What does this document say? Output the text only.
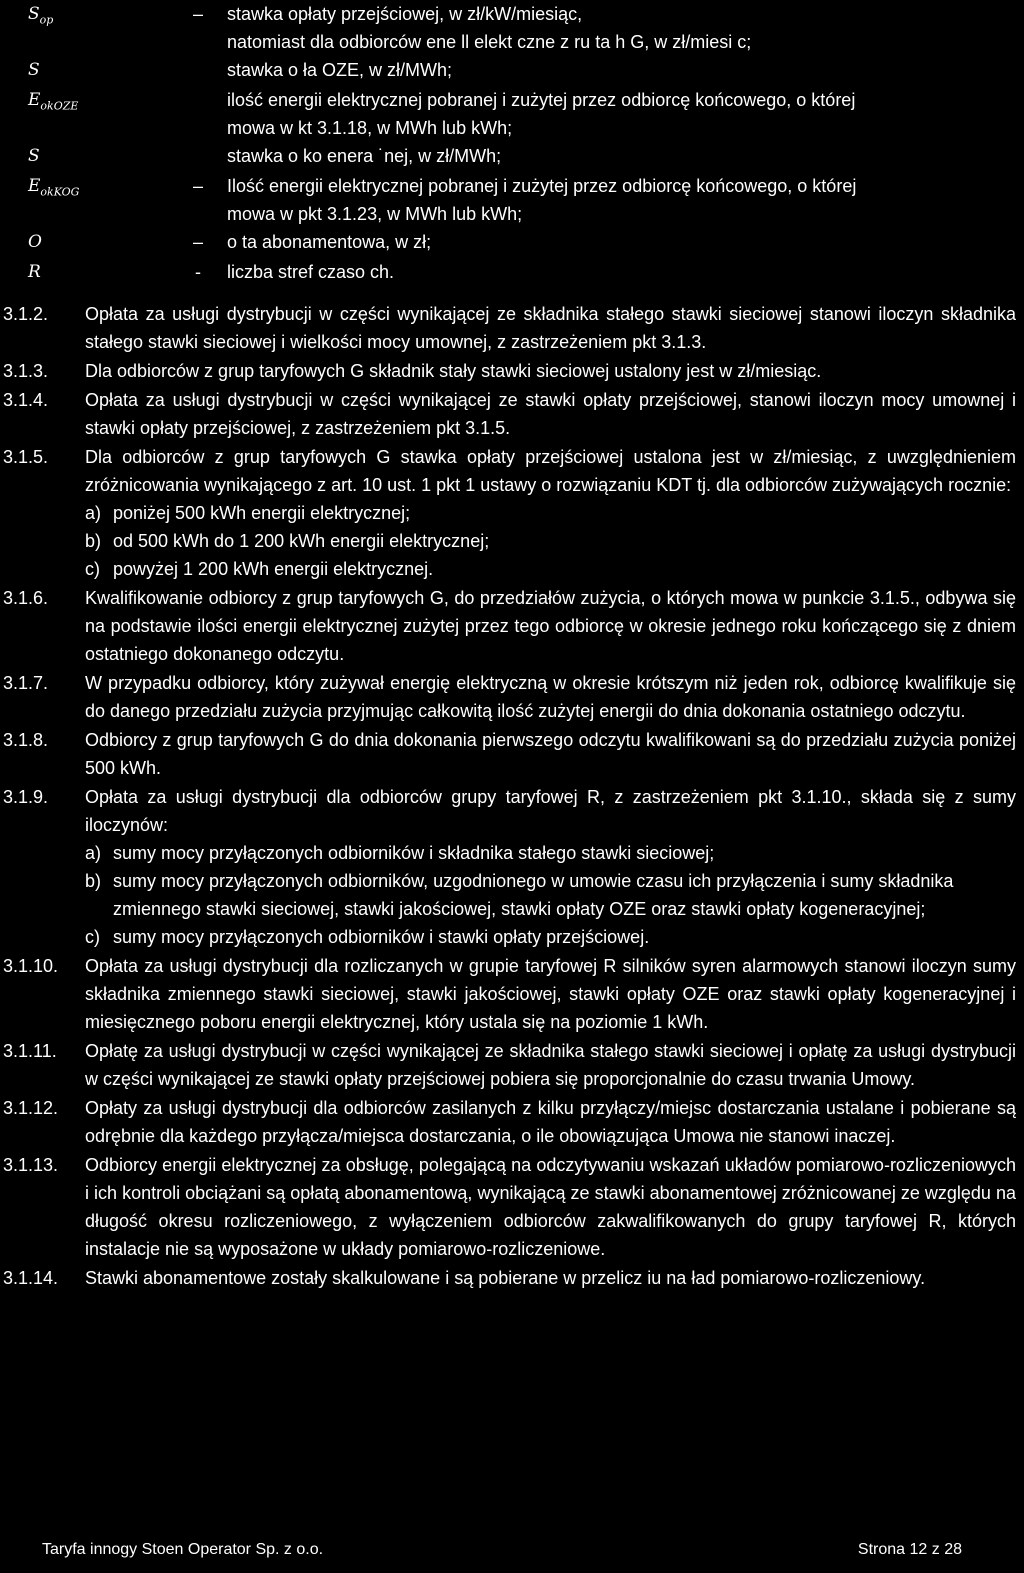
$S_{op}$	– stawka opłaty przejściowej, w zł/kW/miesiąc,
natomiast dla odbiorców ene ll elekt czne z ru ta h G, w zł/miesi c;
S	stawka o ła OZE, w zł/MWh;
$E_{okOZE}$	ilość energii elektrycznej pobranej i zużytej przez odbiorcę końcowego, o której
mowa w kt 3.1.18, w MWh lub kWh;
S	stawka o ko enera ˙nej, w zł/MWh;
$E_{okKOG}$	– Ilość energii elektrycznej pobranej i zużytej przez odbiorcę końcowego, o której
mowa w pkt 3.1.23, w MWh lub kWh;
O	– o ta abonamentowa, w zł;
R	-	liczba stref czaso ch.
3.1.2.	Opłata za usługi dystrybucji w części wynikającej ze składnika stałego stawki sieciowej stanowi iloczyn składnika stałego stawki sieciowej i wielkości mocy umownej, z zastrzeżeniem pkt 3.1.3.
3.1.3.	Dla odbiorców z grup taryfowych G składnik stały stawki sieciowej ustalony jest w zł/miesiąc.
3.1.4.	Opłata za usługi dystrybucji w części wynikającej ze stawki opłaty przejściowej, stanowi iloczyn mocy umownej i stawki opłaty przejściowej, z zastrzeżeniem pkt 3.1.5.
3.1.5.	Dla odbiorców z grup taryfowych G stawka opłaty przejściowej ustalona jest w zł/miesiąc, z uwzględnieniem zróżnicowania wynikającego z art. 10 ust. 1 pkt 1 ustawy o rozwiązaniu KDT tj. dla odbiorców zużywających rocznie:
a) poniżej 500 kWh energii elektrycznej;
b) od 500 kWh do 1 200 kWh energii elektrycznej;
c) powyżej 1 200 kWh energii elektrycznej.
3.1.6.	Kwalifikowanie odbiorcy z grup taryfowych G, do przedziałów zużycia, o których mowa w punkcie 3.1.5., odbywa się na podstawie ilości energii elektrycznej zużytej przez tego odbiorcę w okresie jednego roku kończącego się z dniem ostatniego dokonanego odczytu.
3.1.7.	W przypadku odbiorcy, który zużywał energię elektryczną w okresie krótszym niż jeden rok, odbiorcę kwalifikuje się do danego przedziału zużycia przyjmując całkowitą ilość zużytej energii do dnia dokonania ostatniego odczytu.
3.1.8.	Odbiorcy z grup taryfowych G do dnia dokonania pierwszego odczytu kwalifikowani są do przedziału zużycia poniżej 500 kWh.
3.1.9.	Opłata za usługi dystrybucji dla odbiorców grupy taryfowej R, z zastrzeżeniem pkt 3.1.10., składa się z sumy iloczynów:
a) sumy mocy przyłączonych odbiorników i składnika stałego stawki sieciowej;
b) sumy mocy przyłączonych odbiorników, uzgodnionego w umowie czasu ich przyłączenia i sumy składnika zmiennego stawki sieciowej, stawki jakościowej, stawki opłaty OZE oraz stawki opłaty kogeneracyjnej;
c) sumy mocy przyłączonych odbiorników i stawki opłaty przejściowej.
3.1.10.	Opłata za usługi dystrybucji dla rozliczanych w grupie taryfowej R silników syren alarmowych stanowi iloczyn sumy składnika zmiennego stawki sieciowej, stawki jakościowej, stawki opłaty OZE oraz stawki opłaty kogeneracyjnej i miesięcznego poboru energii elektrycznej, który ustala się na poziomie 1 kWh.
3.1.11.	Opłatę za usługi dystrybucji w części wynikającej ze składnika stałego stawki sieciowej i opłatę za usługi dystrybucji w części wynikającej ze stawki opłaty przejściowej pobiera się proporcjonalnie do czasu trwania Umowy.
3.1.12.	Opłaty za usługi dystrybucji dla odbiorców zasilanych z kilku przyłączy/miejsc dostarczania ustalane i pobierane są odrębnie dla każdego przyłącza/miejsca dostarczania, o ile obowiązująca Umowa nie stanowi inaczej.
3.1.13.	Odbiorcy energii elektrycznej za obsługę, polegającą na odczytywaniu wskazań układów pomiarowo-rozliczeniowych i ich kontroli obciążani są opłatą abonamentową, wynikającą ze stawki abonamentowej zróżnicowanej ze względu na długość okresu rozliczeniowego, z wyłączeniem odbiorców zakwalifikowanych do grupy taryfowej R, których instalacje nie są wyposażone w układy pomiarowo-rozliczeniowe.
3.1.14.	Stawki abonamentowe zostały skalkulowane i są pobierane w przelicz iu na ład pomiarowo-rozliczeniowy.
Taryfa innogy Stoen Operator Sp. z o.o.	Strona 12 z 28
